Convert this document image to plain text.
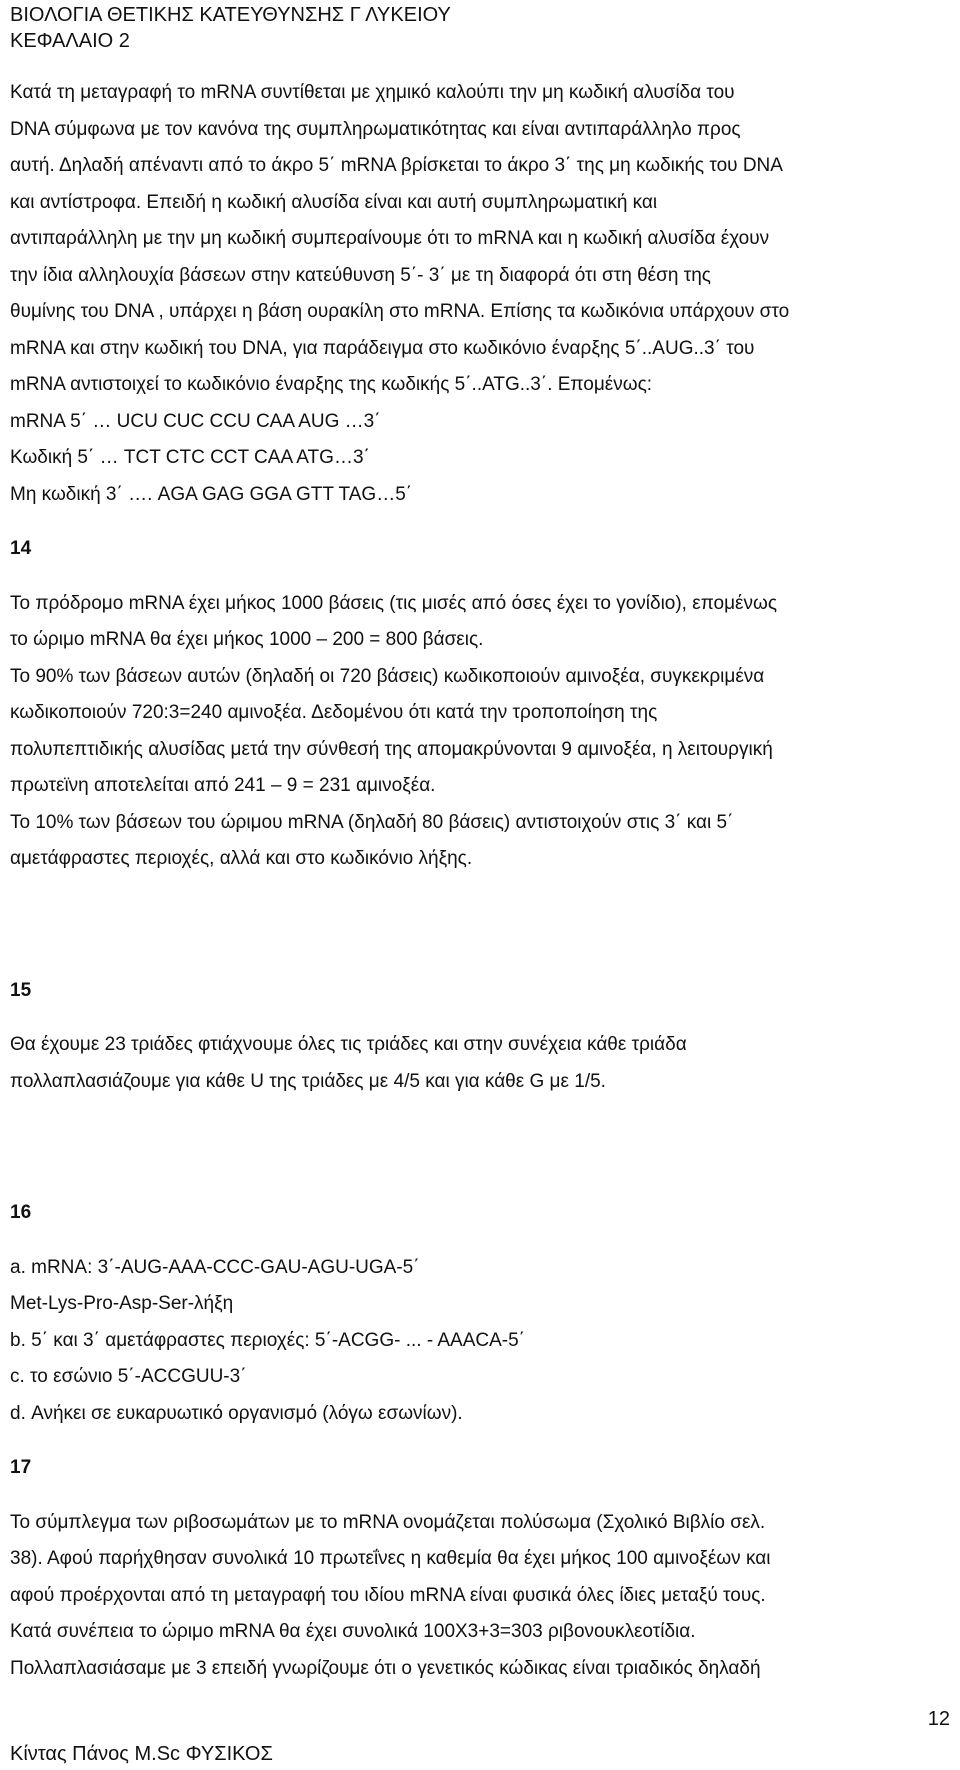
ΒΙΟΛΟΓΙΑ ΘΕΤΙΚΗΣ ΚΑΤΕΥΘΥΝΣΗΣ Γ ΛΥΚΕΙΟΥ
ΚΕΦΑΛΑΙΟ 2

Κατά τη μεταγραφή το mRNA συντίθεται με χημικό καλούπι την μη κωδική αλυσίδα του

DNA σύμφωνα με τον κανόνα της συμπληρωματικότητας και είναι αντιπαράλληλο προς

αυτή. Δηλαδή απέναντι από το άκρο 5΄ mRNA βρίσκεται το άκρο 3΄ της μη κωδικής του DNA

και αντίστροφα. Επειδή η κωδική αλυσίδα είναι και αυτή συμπληρωματική και

αντιπαράλληλη με την μη κωδική συμπεραίνουμε ότι το mRNA και η κωδική αλυσίδα έχουν

την ίδια αλληλουχία βάσεων στην κατεύθυνση 5΄- 3΄ με τη διαφορά ότι στη θέση της

θυμίνης του DNA , υπάρχει η βάση ουρακίλη στο mRNA. Επίσης τα κωδικόνια υπάρχουν στο

mRNA και στην κωδική του DNA, για παράδειγμα στο κωδικόνιο έναρξης 5΄..AUG..3΄ του

mRNA αντιστοιχεί το κωδικόνιο έναρξης της κωδικής 5΄..ATG..3΄. Επομένως:

mRNA 5΄ … UCU CUC CCU CAA AUG …3΄

Κωδική 5΄ … TCT CTC CCT CAA ATG…3΄

Μη κωδική 3΄ …. AGA GAG GGA GTT TAG…5΄

14

Το πρόδρομο mRNA έχει μήκος 1000 βάσεις (τις μισές από όσες έχει το γονίδιο), επομένως

το ώριμο mRNA θα έχει μήκος 1000 – 200 = 800 βάσεις.

Το 90% των βάσεων αυτών (δηλαδή οι 720 βάσεις) κωδικοποιούν αμινοξέα, συγκεκριμένα

κωδικοποιούν 720:3=240 αμινοξέα. Δεδομένου ότι κατά την τροποποίηση της

πολυπεπτιδικής αλυσίδας μετά την σύνθεσή της απομακρύνονται 9 αμινοξέα, η λειτουργική

πρωτεϊνη αποτελείται από 241 – 9 = 231 αμινοξέα.

Το 10% των βάσεων του ώριμου mRNA (δηλαδή 80 βάσεις) αντιστοιχούν στις 3΄ και 5΄

αμετάφραστες περιοχές, αλλά και στο κωδικόνιο λήξης.

15

Θα έχουμε 23 τριάδες φτιάχνουμε όλες τις τριάδες και στην συνέχεια κάθε τριάδα

πολλαπλασιάζουμε για κάθε U της τριάδες με 4/5 και για κάθε G με 1/5.

16

a. mRNA: 3΄-AUG-AAA-CCC-GAU-AGU-UGA-5΄

Met-Lys-Pro-Asp-Ser-λήξη

b. 5΄ και 3΄ αμετάφραστες περιοχές: 5΄-ACGG- ... - AAACA-5΄

c. το εσώνιο 5΄-ACCGUU-3΄

d. Ανήκει σε ευκαρυωτικό οργανισμό (λόγω εσωνίων).

17

Το σύμπλεγμα των ριβοσωμάτων με το mRNA ονομάζεται πολύσωμα (Σχολικό Βιβλίο σελ.

38). Αφού παρήχθησαν συνολικά 10 πρωτεΐνες η καθεμία θα έχει μήκος 100 αμινοξέων και

αφού προέρχονται από τη μεταγραφή του ιδίου mRNA είναι φυσικά όλες ίδιες μεταξύ τους.

Κατά συνέπεια το ώριμο mRNA θα έχει συνολικά 100Χ3+3=303 ριβονουκλεοτίδια.

Πολλαπλασιάσαμε με 3 επειδή γνωρίζουμε ότι ο γενετικός κώδικας είναι τριαδικός δηλαδή

12
Κίντας Πάνος M.Sc ΦΥΣΙΚΟΣ
